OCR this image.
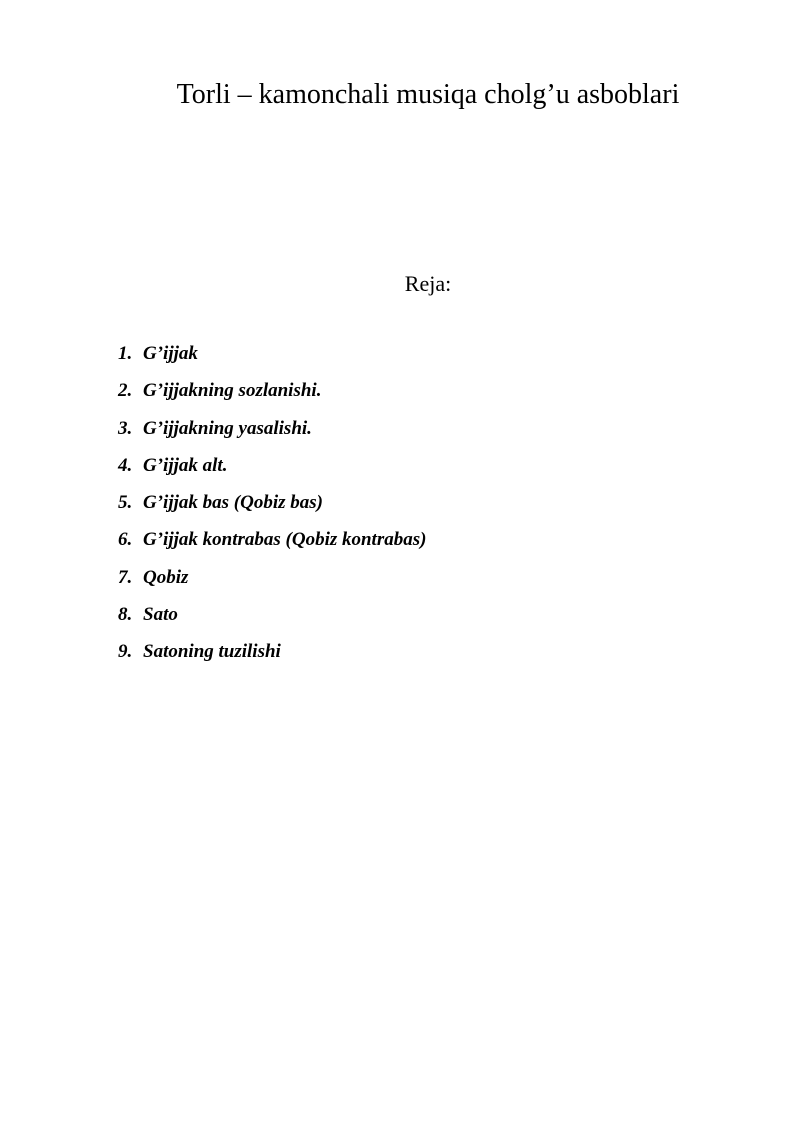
Torli – kamonchali musiqa cholg’u asboblari
Reja:
1. G’ijjak
2. G’ijjakning sozlanishi.
3. G’ijjakning yasalishi.
4. G’ijjak alt.
5. G’ijjak bas (Qobiz bas)
6. G’ijjak kontrabas (Qobiz kontrabas)
7. Qobiz
8. Sato
9. Satoning tuzilishi
